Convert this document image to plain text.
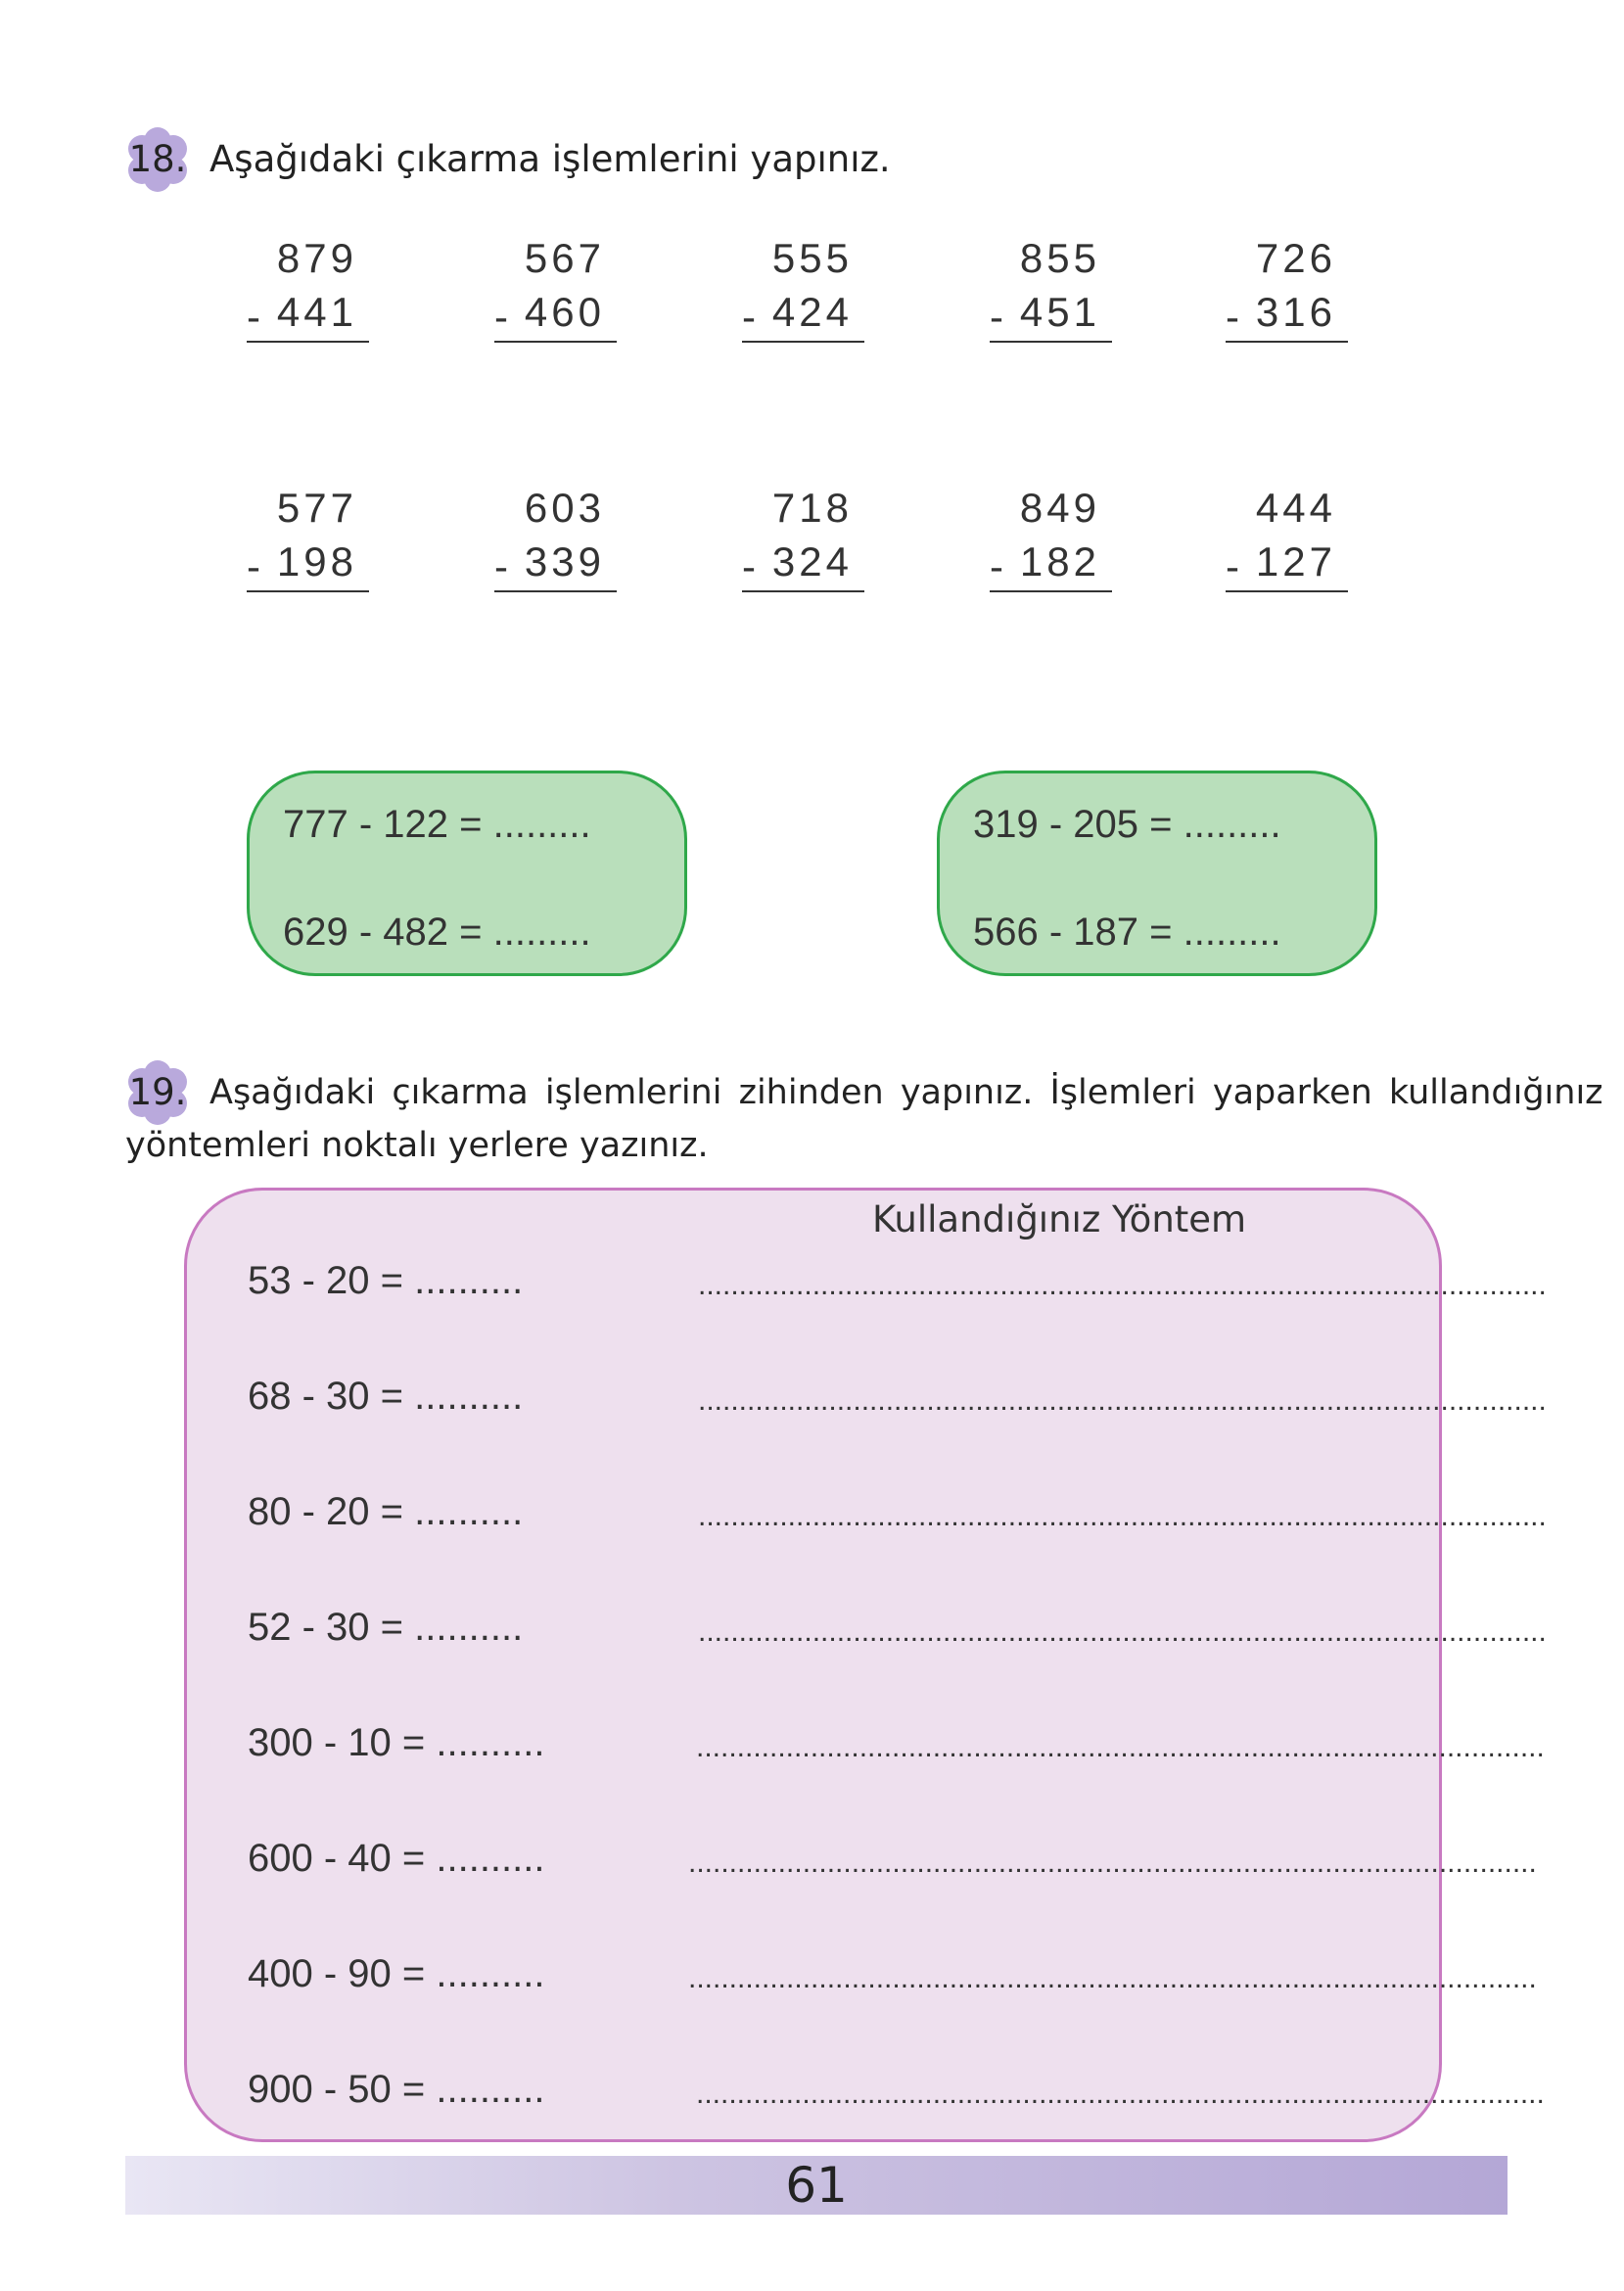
18. Aşağıdaki çıkarma işlemlerini yapınız.
879
- 441
567
- 460
555
- 424
855
- 451
726
- 316
577
- 198
603
- 339
718
- 324
849
- 182
444
- 127
777 - 122 = .........
629 - 482 = .........
319 - 205 = .........
566 - 187 = .........
19. Aşağıdaki çıkarma işlemlerini zihinden yapınız. İşlemleri yaparken kullandığınız
yöntemleri noktalı yerlere yazınız.
Kullandığınız Yöntem
53 - 20 = ..........	........................................................................................................
68 - 30 = ..........	........................................................................................................
80 - 20 = ..........	........................................................................................................
52 - 30 = ..........	........................................................................................................
300 - 10 = ..........	........................................................................................................
600 - 40 = ..........	........................................................................................................
400 - 90 = ..........	........................................................................................................
900 - 50 = ..........	........................................................................................................
61
